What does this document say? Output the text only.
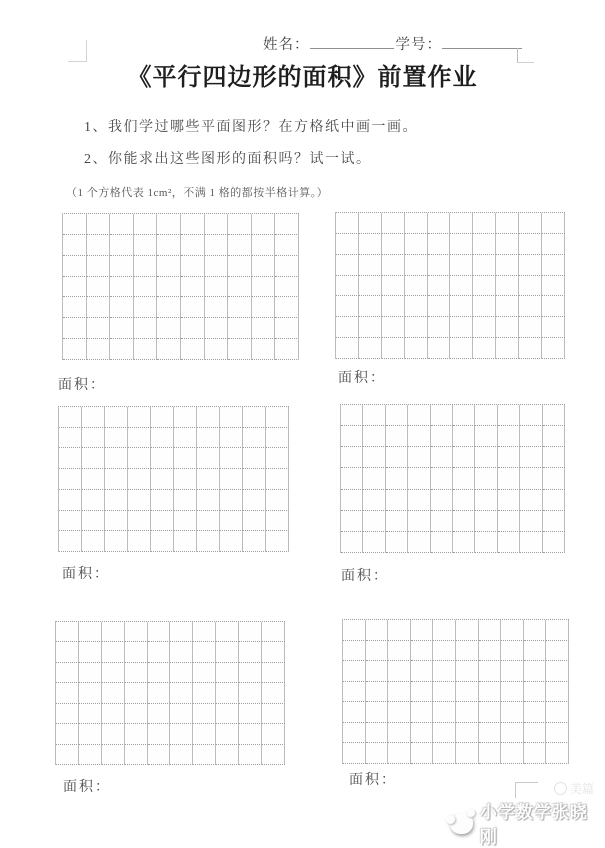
姓名：	学号：
《平行四边形的面积》前置作业

1、我们学过哪些平面图形？在方格纸中画一画。

2、你能求出这些图形的面积吗？试一试。

（1 个方格代表 1cm²，不满 1 格的都按半格计算。）

面积：	面积：
面积：	面积：
面积：	面积：
美篇
小学数学张晓刚
